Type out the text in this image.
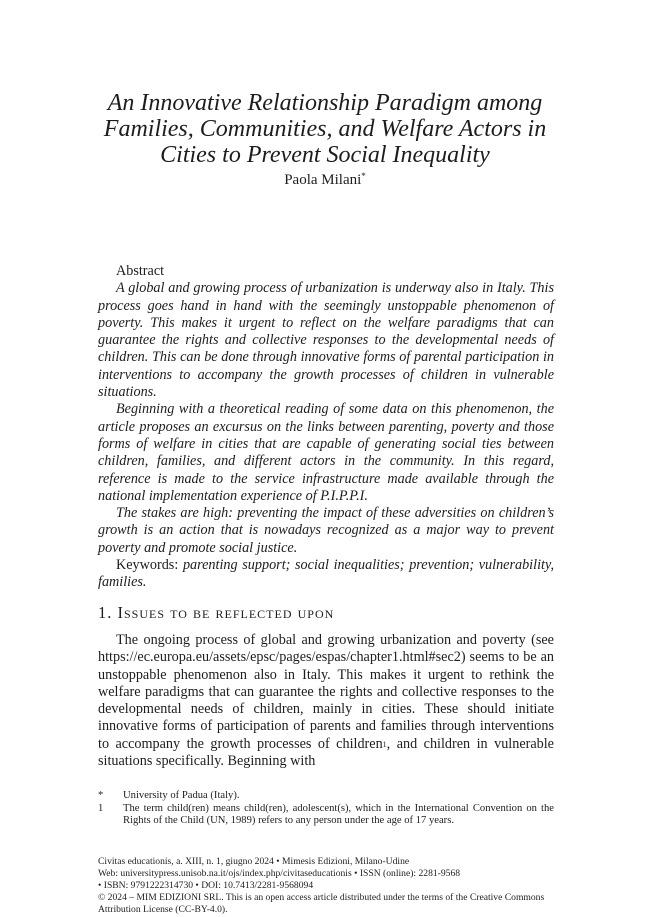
An Innovative Relationship Paradigm among
Families, Communities, and Welfare Actors in
Cities to Prevent Social Inequality
Paola Milani*

Abstract

A global and growing process of urbanization is underway also in Italy. This process goes hand in hand with the seemingly unstoppable phenomenon of poverty. This makes it urgent to reflect on the welfare paradigms that can guarantee the rights and collective responses to the developmental needs of children. This can be done through innovative forms of parental participation in interventions to accompany the growth processes of children in vulnerable situations.

Beginning with a theoretical reading of some data on this phenomenon, the article proposes an excursus on the links between parenting, poverty and those forms of welfare in cities that are capable of generating social ties between children, families, and different actors in the community. In this regard, reference is made to the service infrastructure made available through the national implementation experience of P.I.P.P.I.

The stakes are high: preventing the impact of these adversities on children’s growth is an action that is nowadays recognized as a major way to prevent poverty and promote social justice.

Keywords: parenting support; social inequalities; prevention; vulnerability, families.

1. Issues to be reflected upon

The ongoing process of global and growing urbanization and poverty (see https://ec.europa.eu/assets/epsc/pages/espas/chapter1.html#sec2) seems to be an unstoppable phenomenon also in Italy. This makes it urgent to rethink the welfare paradigms that can guarantee the rights and collective responses to the developmental needs of children, mainly in cities. These should initiate innovative forms of participation of parents and families through interventions to accompany the growth processes of children$^1$, and children in vulnerable situations specifically. Beginning with

*	University of Padua (Italy).
1	The term child(ren) means child(ren), adolescent(s), which in the International Convention on the Rights of the Child (UN, 1989) refers to any person under the age of 17 years.
Civitas educationis, a. XIII, n. 1, giugno 2024 • Mimesis Edizioni, Milano-Udine
Web: universitypress.unisob.na.it/ojs/index.php/civitaseducationis • ISSN (online): 2281-9568
• ISBN: 9791222314730 • DOI: 10.7413/2281-9568094
© 2024 – MIM EDIZIONI SRL. This is an open access article distributed under the terms of the Creative Commons Attribution License (CC-BY-4.0).
